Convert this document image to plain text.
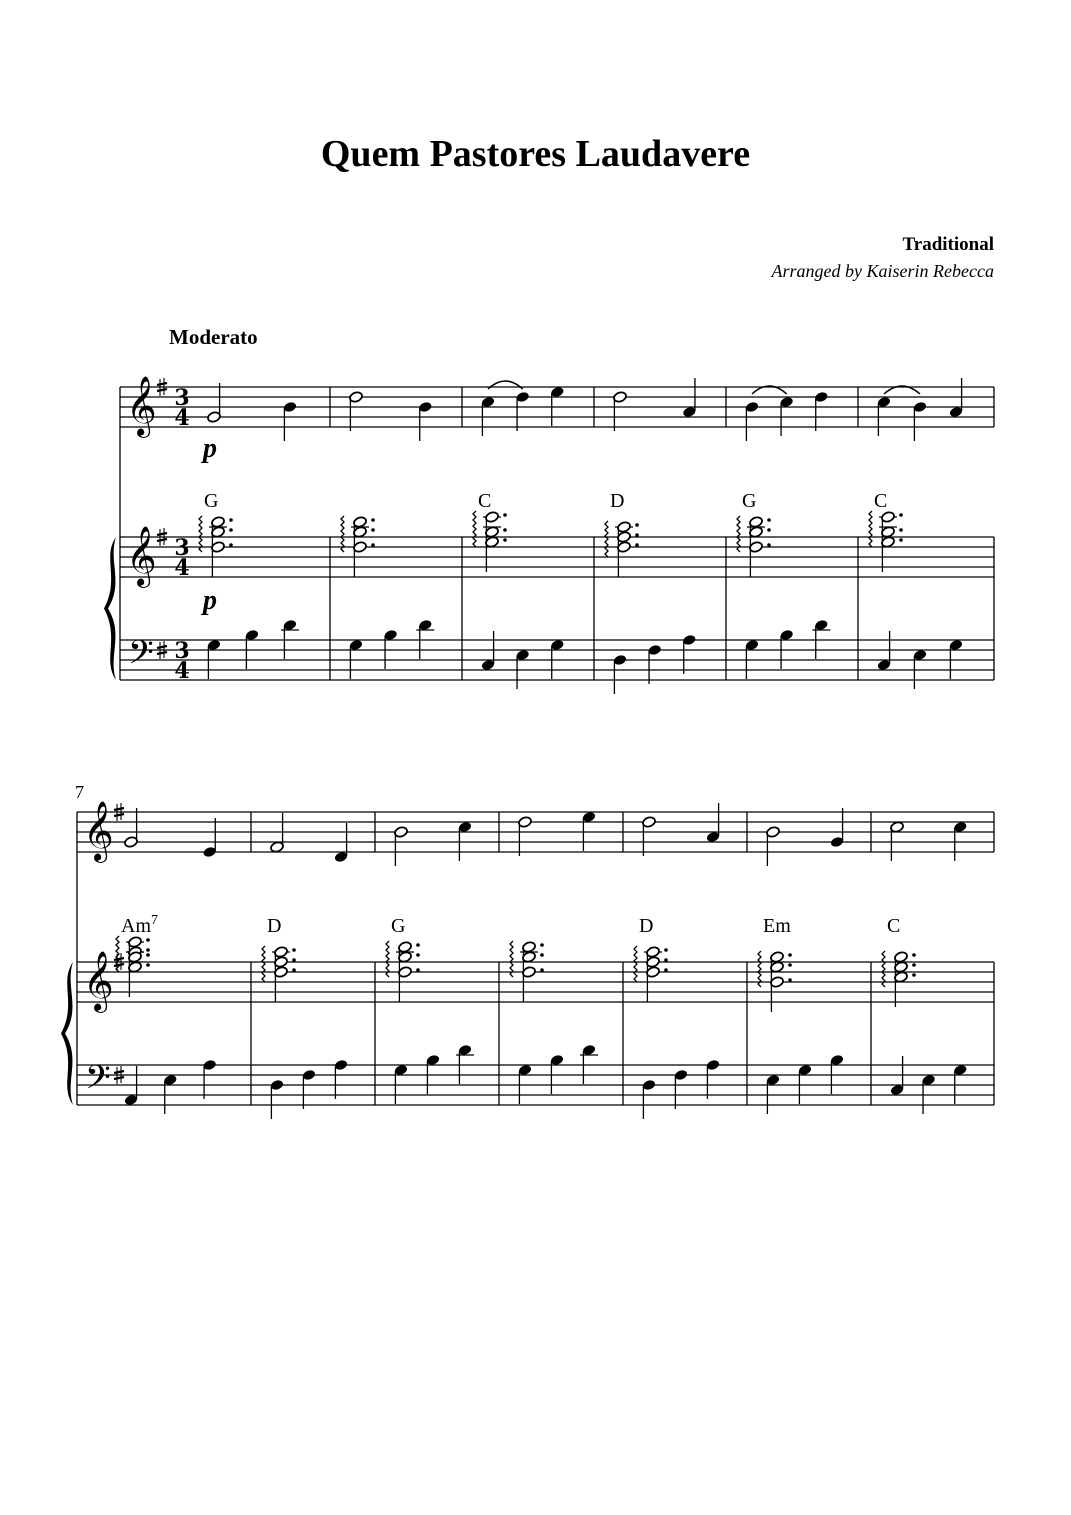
Quem Pastores Laudavere
Traditional
Arranged by Kaiserin Rebecca
Moderato
𝄞
𝄞
𝄢
3
4
3
4
3
4
G	C	D	G	C
p
p
𝄞
𝄞
𝄢
7
Am$^7$	D	G	D	Em	C
